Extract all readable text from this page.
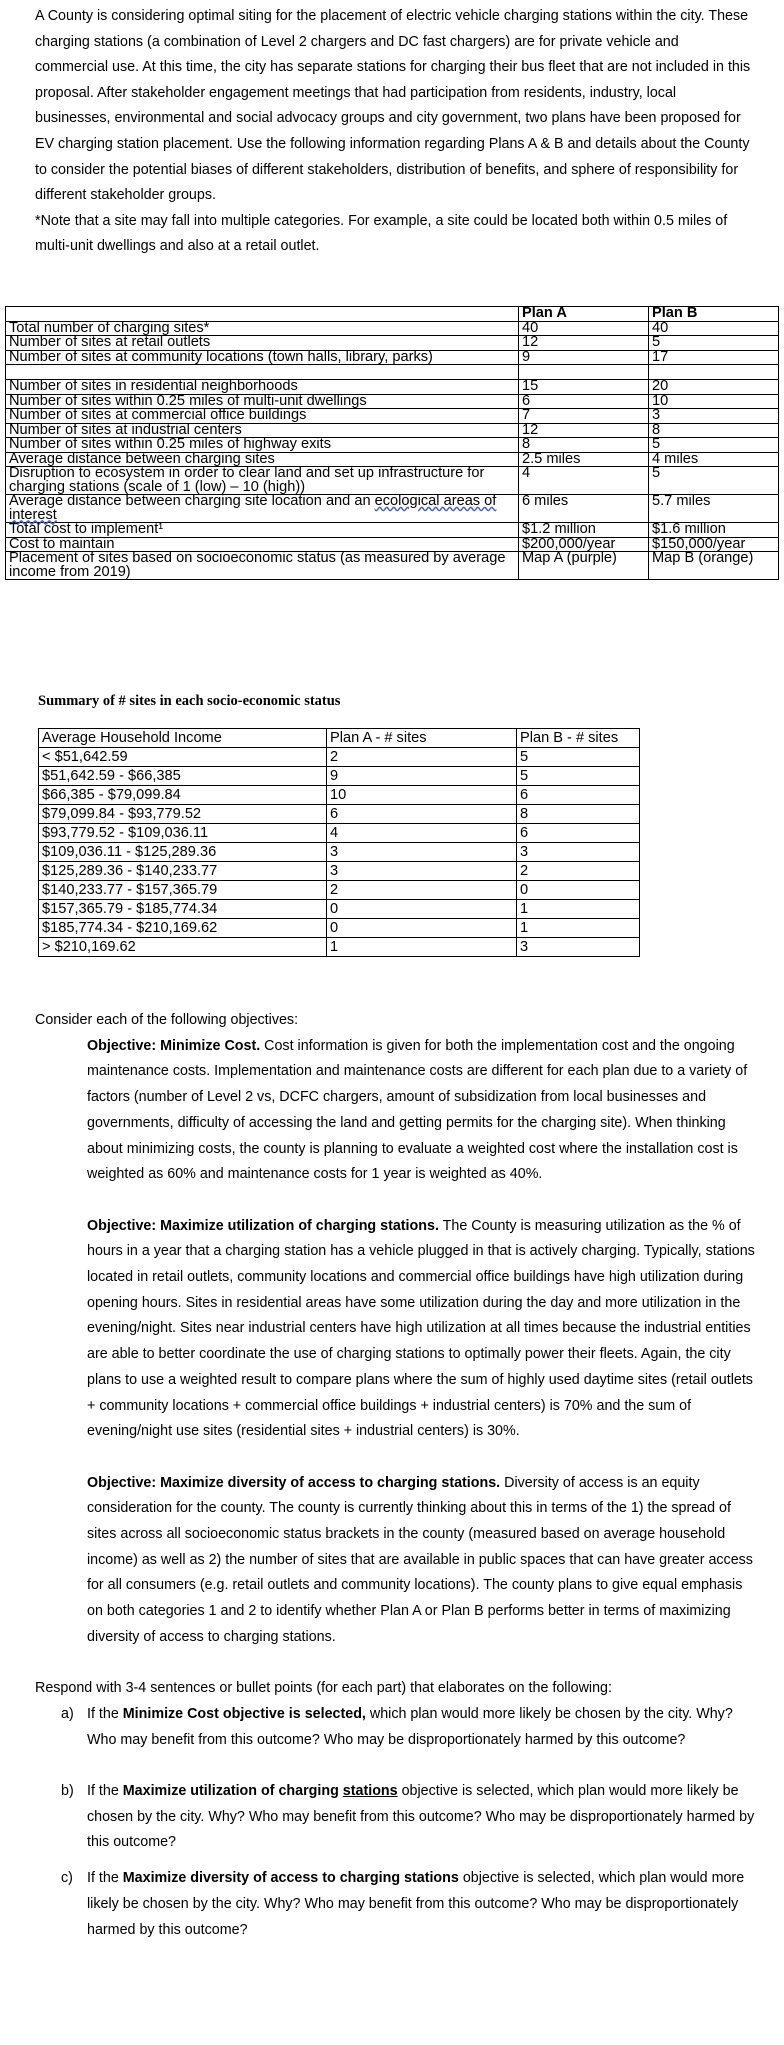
A County is considering optimal siting for the placement of electric vehicle charging stations within the city. These charging stations (a combination of Level 2 chargers and DC fast chargers) are for private vehicle and commercial use. At this time, the city has separate stations for charging their bus fleet that are not included in this proposal. After stakeholder engagement meetings that had participation from residents, industry, local businesses, environmental and social advocacy groups and city government, two plans have been proposed for EV charging station placement. Use the following information regarding Plans A & B and details about the County to consider the potential biases of different stakeholders, distribution of benefits, and sphere of responsibility for different stakeholder groups.

*Note that a site may fall into multiple categories. For example, a site could be located both within 0.5 miles of multi-unit dwellings and also at a retail outlet.

	Plan A	Plan B
Total number of charging sites*	40	40
Number of sites at retail outlets	12	5
Number of sites at community locations (town halls, library, parks)	9	17

Number of sites in residential neighborhoods	15	20
Number of sites within 0.25 miles of multi-unit dwellings	6	10
Number of sites at commercial office buildings	7	3
Number of sites at industrial centers	12	8
Number of sites within 0.25 miles of highway exits	8	5
Average distance between charging sites	2.5 miles	4 miles
Disruption to ecosystem in order to clear land and set up infrastructure for charging stations (scale of 1 (low) – 10 (high))	4	5
Average distance between charging site location and an ecological areas of interest	6 miles	5.7 miles
Total cost to implement¹	$1.2 million	$1.6 million
Cost to maintain	$200,000/year	$150,000/year
Placement of sites based on socioeconomic status (as measured by average income from 2019)	Map A (purple)	Map B (orange)
Summary of # sites in each socio-economic status
Average Household Income	Plan A - # sites	Plan B - # sites
< $51,642.59	2	5
$51,642.59 - $66,385	9	5
$66,385 - $79,099.84	10	6
$79,099.84 - $93,779.52	6	8
$93,779.52 - $109,036.11	4	6
$109,036.11 - $125,289.36	3	3
$125,289.36 - $140,233.77	3	2
$140,233.77 - $157,365.79	2	0
$157,365.79 - $185,774.34	0	1
$185,774.34 - $210,169.62	0	1
> $210,169.62	1	3

Consider each of the following objectives:

Objective: Minimize Cost. Cost information is given for both the implementation cost and the ongoing maintenance costs. Implementation and maintenance costs are different for each plan due to a variety of factors (number of Level 2 vs, DCFC chargers, amount of subsidization from local businesses and governments, difficulty of accessing the land and getting permits for the charging site). When thinking about minimizing costs, the county is planning to evaluate a weighted cost where the installation cost is weighted as 60% and maintenance costs for 1 year is weighted as 40%.

Objective: Maximize utilization of charging stations. The County is measuring utilization as the % of hours in a year that a charging station has a vehicle plugged in that is actively charging. Typically, stations located in retail outlets, community locations and commercial office buildings have high utilization during opening hours. Sites in residential areas have some utilization during the day and more utilization in the evening/night. Sites near industrial centers have high utilization at all times because the industrial entities are able to better coordinate the use of charging stations to optimally power their fleets. Again, the city plans to use a weighted result to compare plans where the sum of highly used daytime sites (retail outlets + community locations + commercial office buildings + industrial centers) is 70% and the sum of evening/night use sites (residential sites + industrial centers) is 30%.

Objective: Maximize diversity of access to charging stations. Diversity of access is an equity consideration for the county. The county is currently thinking about this in terms of the 1) the spread of sites across all socioeconomic status brackets in the county (measured based on average household income) as well as 2) the number of sites that are available in public spaces that can have greater access for all consumers (e.g. retail outlets and community locations). The county plans to give equal emphasis on both categories 1 and 2 to identify whether Plan A or Plan B performs better in terms of maximizing diversity of access to charging stations.

Respond with 3-4 sentences or bullet points (for each part) that elaborates on the following:

a) If the Minimize Cost objective is selected, which plan would more likely be chosen by the city. Why? Who may benefit from this outcome? Who may be disproportionately harmed by this outcome?
b) If the Maximize utilization of charging stations objective is selected, which plan would more likely be chosen by the city. Why? Who may benefit from this outcome? Who may be disproportionately harmed by this outcome?
c) If the Maximize diversity of access to charging stations objective is selected, which plan would more likely be chosen by the city. Why? Who may benefit from this outcome? Who may be disproportionately harmed by this outcome?
